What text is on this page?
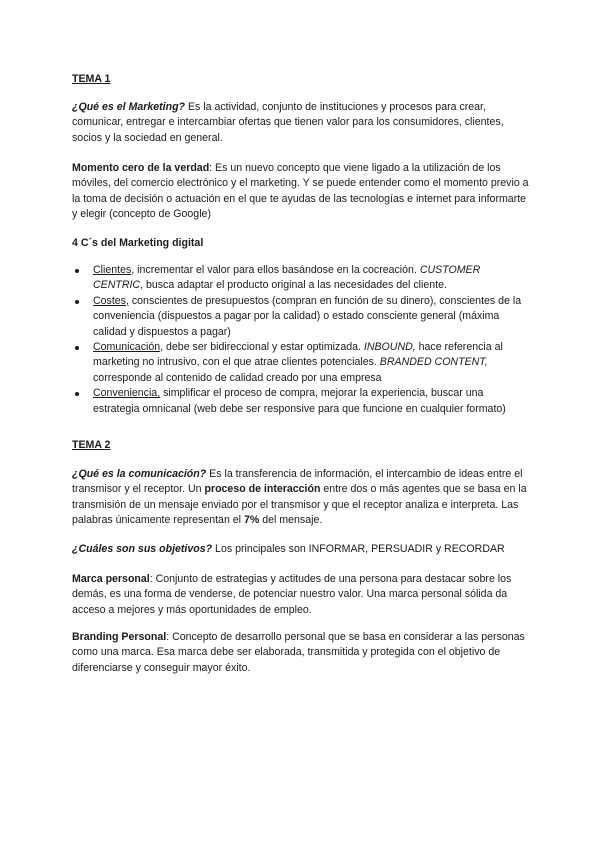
TEMA 1

¿Qué es el Marketing? Es la actividad, conjunto de instituciones y procesos para crear, comunicar, entregar e intercambiar ofertas que tienen valor para los consumidores, clientes, socios y la sociedad en general.

Momento cero de la verdad: Es un nuevo concepto que viene ligado a la utilización de los móviles, del comercio electrónico y el marketing. Y se puede entender como el momento previo a la toma de decisión o actuación en el que te ayudas de las tecnologías e internet para informarte y elegir (concepto de Google)

4 C´s del Marketing digital

Clientes, incrementar el valor para ellos basándose en la cocreación. CUSTOMER CENTRIC, busca adaptar el producto original a las necesidades del cliente.
Costes, conscientes de presupuestos (compran en función de su dinero), conscientes de la conveniencia (dispuestos a pagar por la calidad) o estado consciente general (máxima calidad y dispuestos a pagar)
Comunicación, debe ser bidireccional y estar optimizada. INBOUND, hace referencia al marketing no intrusivo, con el que atrae clientes potenciales. BRANDED CONTENT, corresponde al contenido de calidad creado por una empresa
Conveniencia, simplificar el proceso de compra, mejorar la experiencia, buscar una estrategia omnicanal (web debe ser responsive para que funcione en cualquier formato)

TEMA 2

¿Qué es la comunicación? Es la transferencia de información, el intercambio de ideas entre el transmisor y el receptor. Un proceso de interacción entre dos o más agentes que se basa en la transmisión de un mensaje enviado por el transmisor y que el receptor analiza e interpreta. Las palabras únicamente representan el 7% del mensaje.

¿Cuáles son sus objetivos? Los principales son INFORMAR, PERSUADIR y RECORDAR

Marca personal: Conjunto de estrategias y actitudes de una persona para destacar sobre los demás, es una forma de venderse, de potenciar nuestro valor. Una marca personal sólida da acceso a mejores y más oportunidades de empleo.

Branding Personal: Concepto de desarrollo personal que se basa en considerar a las personas como una marca. Esa marca debe ser elaborada, transmitida y protegida con el objetivo de diferenciarse y conseguir mayor éxito.
